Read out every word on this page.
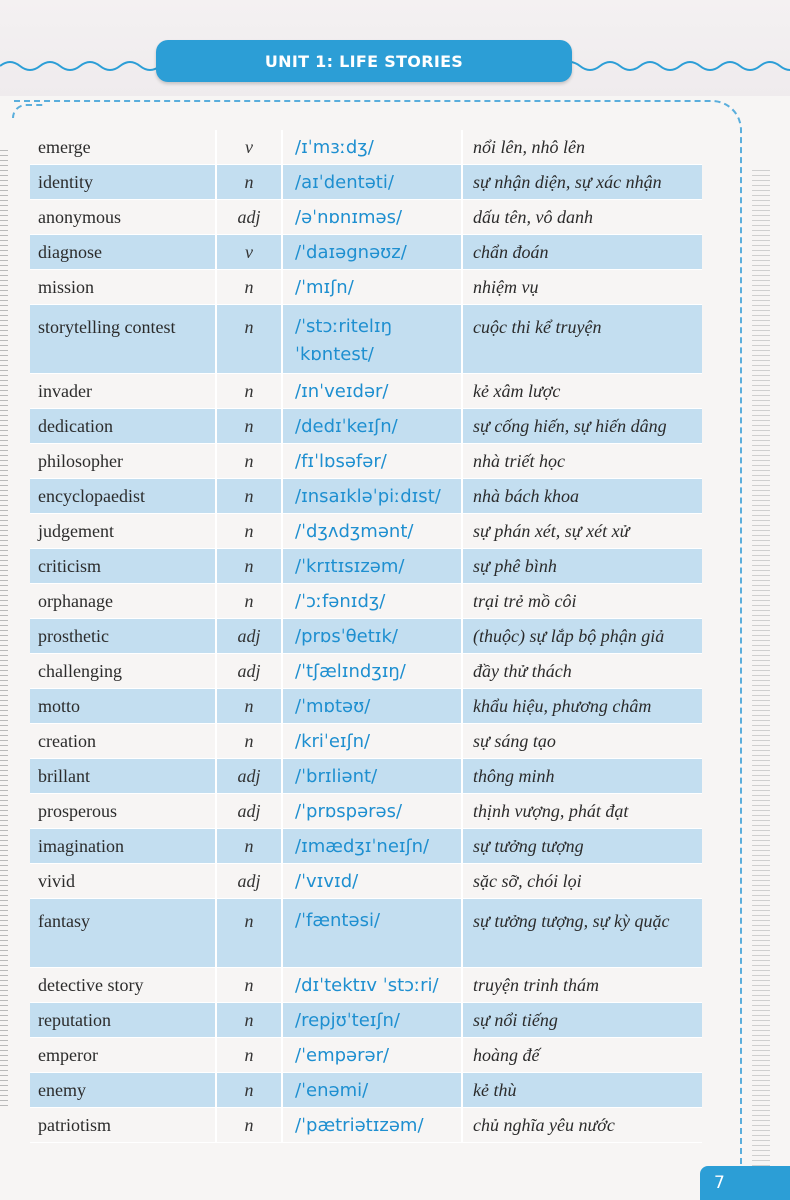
UNIT 1: LIFE STORIES
emerge	v	/ɪˈmɜːdʒ/	nổi lên, nhô lên
identity	n	/aɪˈdentəti/	sự nhận diện, sự xác nhận
anonymous	adj	/əˈnɒnɪməs/	dấu tên, vô danh
diagnose	v	/ˈdaɪəgnəʊz/	chẩn đoán
mission	n	/ˈmɪʃn/	nhiệm vụ

storytelling contest	n	/ˈstɔːritelɪŋ ˈkɒntest/	cuộc thi kể truyện

invader	n	/ɪnˈveɪdər/	kẻ xâm lược
dedication	n	/dedɪˈkeɪʃn/	sự cống hiến, sự hiến dâng
philosopher	n	/fɪˈlɒsəfər/	nhà triết học
encyclopaedist	n	/ɪnsaɪkləˈpiːdɪst/	nhà bách khoa
judgement	n	/ˈdʒʌdʒmənt/	sự phán xét, sự xét xử
criticism	n	/ˈkrɪtɪsɪzəm/	sự phê bình
orphanage	n	/ˈɔːfənɪdʒ/	trại trẻ mồ côi
prosthetic	adj	/prɒsˈθetɪk/	(thuộc) sự lắp bộ phận giả
challenging	adj	/ˈtʃælɪndʒɪŋ/	đầy thử thách
motto	n	/ˈmɒtəʊ/	khẩu hiệu, phương châm
creation	n	/kriˈeɪʃn/	sự sáng tạo
brillant	adj	/ˈbrɪliənt/	thông minh
prosperous	adj	/ˈprɒspərəs/	thịnh vượng, phát đạt
imagination	n	/ɪmædʒɪˈneɪʃn/	sự tưởng tượng
vivid	adj	/ˈvɪvɪd/	sặc sỡ, chói lọi

fantasy	n	/ˈfæntəsi/	sự tưởng tượng, sự kỳ quặc

detective story	n	/dɪˈtektɪv ˈstɔːri/	truyện trinh thám
reputation	n	/repjʊˈteɪʃn/	sự nổi tiếng
emperor	n	/ˈempərər/	hoàng đế
enemy	n	/ˈenəmi/	kẻ thù
patriotism	n	/ˈpætriətɪzəm/	chủ nghĩa yêu nước
7
